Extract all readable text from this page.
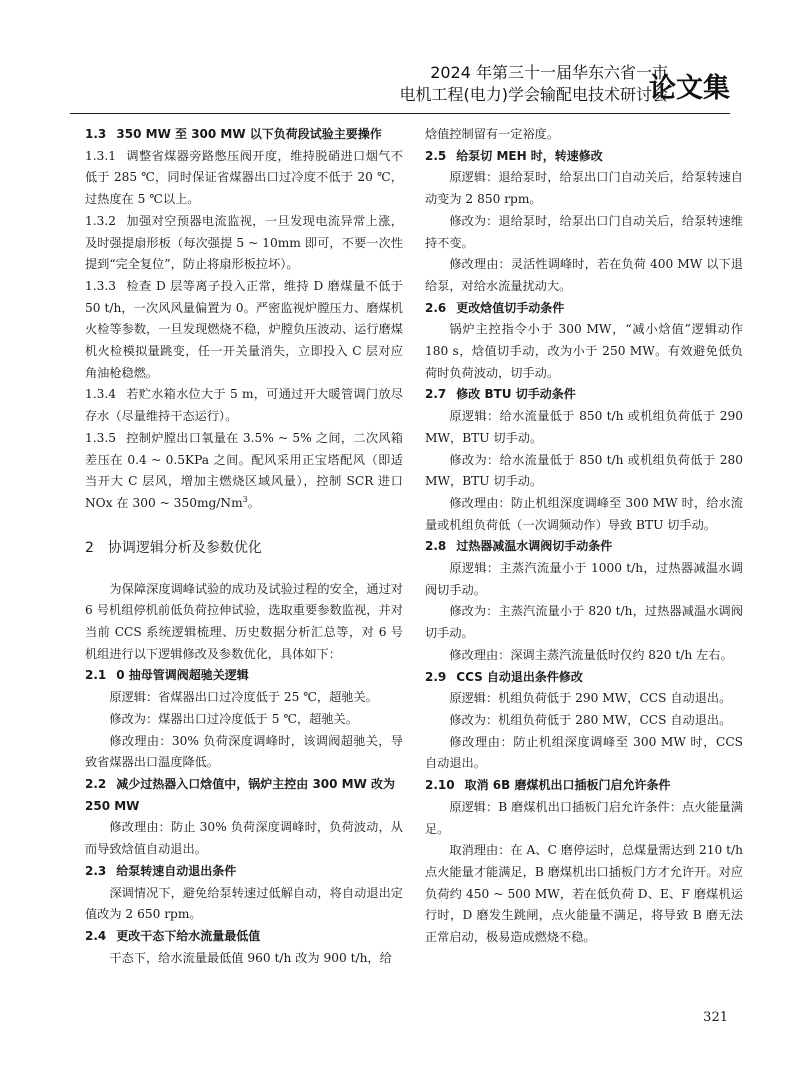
2024 年第三十一届华东六省一市
电机工程(电力)学会输配电技术研讨会
论文集

1.3  350 MW 至 300 MW 以下负荷段试验主要操作

1.3.1  调整省煤器旁路憋压阀开度，维持脱硝进口烟气不低于 285 ℃，同时保证省煤器出口过冷度不低于 20 ℃，过热度在 5 ℃以上。

1.3.2  加强对空预器电流监视，一旦发现电流异常上涨，及时强提扇形板（每次强提 5 ~ 10mm 即可，不要一次性提到“完全复位”，防止将扇形板拉坏）。

1.3.3  检查 D 层等离子投入正常，维持 D 磨煤量不低于 50 t/h，一次风风量偏置为 0。严密监视炉膛压力、磨煤机火检等参数，一旦发现燃烧不稳，炉膛负压波动、运行磨煤机火检模拟量跳变，任一开关量消失，立即投入 C 层对应角油枪稳燃。

1.3.4  若贮水箱水位大于 5 m，可通过开大暖管调门放尽存水（尽量维持干态运行）。

1.3.5  控制炉膛出口氧量在 3.5% ~ 5% 之间，二次风箱差压在 0.4 ~ 0.5KPa 之间。配风采用正宝塔配风（即适当开大 C 层风，增加主燃烧区域风量），控制 SCR 进口 NOx 在 300 ~ 350mg/Nm$^3$。

2 协调逻辑分析及参数优化

为保障深度调峰试验的成功及试验过程的安全，通过对 6 号机组停机前低负荷拉伸试验，选取重要参数监视，并对当前 CCS 系统逻辑梳理、历史数据分析汇总等，对 6 号机组进行以下逻辑修改及参数优化，具体如下：

2.1 0 抽母管调阀超驰关逻辑

原逻辑：省煤器出口过冷度低于 25 ℃，超驰关。

修改为：煤器出口过冷度低于 5 ℃，超驰关。

修改理由：30% 负荷深度调峰时，该调阀超驰关，导致省煤器出口温度降低。

2.2 减少过热器入口焓值中，锅炉主控由 300 MW 改为 250 MW

修改理由：防止 30% 负荷深度调峰时，负荷波动，从而导致焓值自动退出。

2.3 给泵转速自动退出条件

深调情况下，避免给泵转速过低解自动，将自动退出定值改为 2 650 rpm。

2.4 更改干态下给水流量最低值

干态下，给水流量最低值 960 t/h 改为 900 t/h，给

焓值控制留有一定裕度。

2.5 给泵切 MEH 时，转速修改

原逻辑：退给泵时，给泵出口门自动关后，给泵转速自动变为 2 850 rpm。

修改为：退给泵时，给泵出口门自动关后，给泵转速维持不变。

修改理由：灵活性调峰时，若在负荷 400 MW 以下退给泵，对给水流量扰动大。

2.6 更改焓值切手动条件

锅炉主控指令小于 300 MW，“减小焓值”逻辑动作 180 s，焓值切手动，改为小于 250 MW。有效避免低负荷时负荷波动，切手动。

2.7 修改 BTU 切手动条件

原逻辑：给水流量低于 850 t/h 或机组负荷低于 290 MW，BTU 切手动。

修改为：给水流量低于 850 t/h 或机组负荷低于 280 MW，BTU 切手动。

修改理由：防止机组深度调峰至 300 MW 时，给水流量或机组负荷低（一次调频动作）导致 BTU 切手动。

2.8 过热器减温水调阀切手动条件

原逻辑：主蒸汽流量小于 1000 t/h，过热器减温水调阀切手动。

修改为：主蒸汽流量小于 820 t/h，过热器减温水调阀切手动。

修改理由：深调主蒸汽流量低时仅约 820 t/h 左右。

2.9 CCS 自动退出条件修改

原逻辑：机组负荷低于 290 MW，CCS 自动退出。

修改为：机组负荷低于 280 MW，CCS 自动退出。

修改理由：防止机组深度调峰至 300 MW 时，CCS 自动退出。

2.10 取消 6B 磨煤机出口插板门启允许条件

原逻辑：B 磨煤机出口插板门启允许条件：点火能量满足。

取消理由：在 A、C 磨停运时，总煤量需达到 210 t/h 点火能量才能满足，B 磨煤机出口插板门方才允许开。对应负荷约 450 ~ 500 MW，若在低负荷 D、E、F 磨煤机运行时，D 磨发生跳闸，点火能量不满足，将导致 B 磨无法正常启动，极易造成燃烧不稳。

321
